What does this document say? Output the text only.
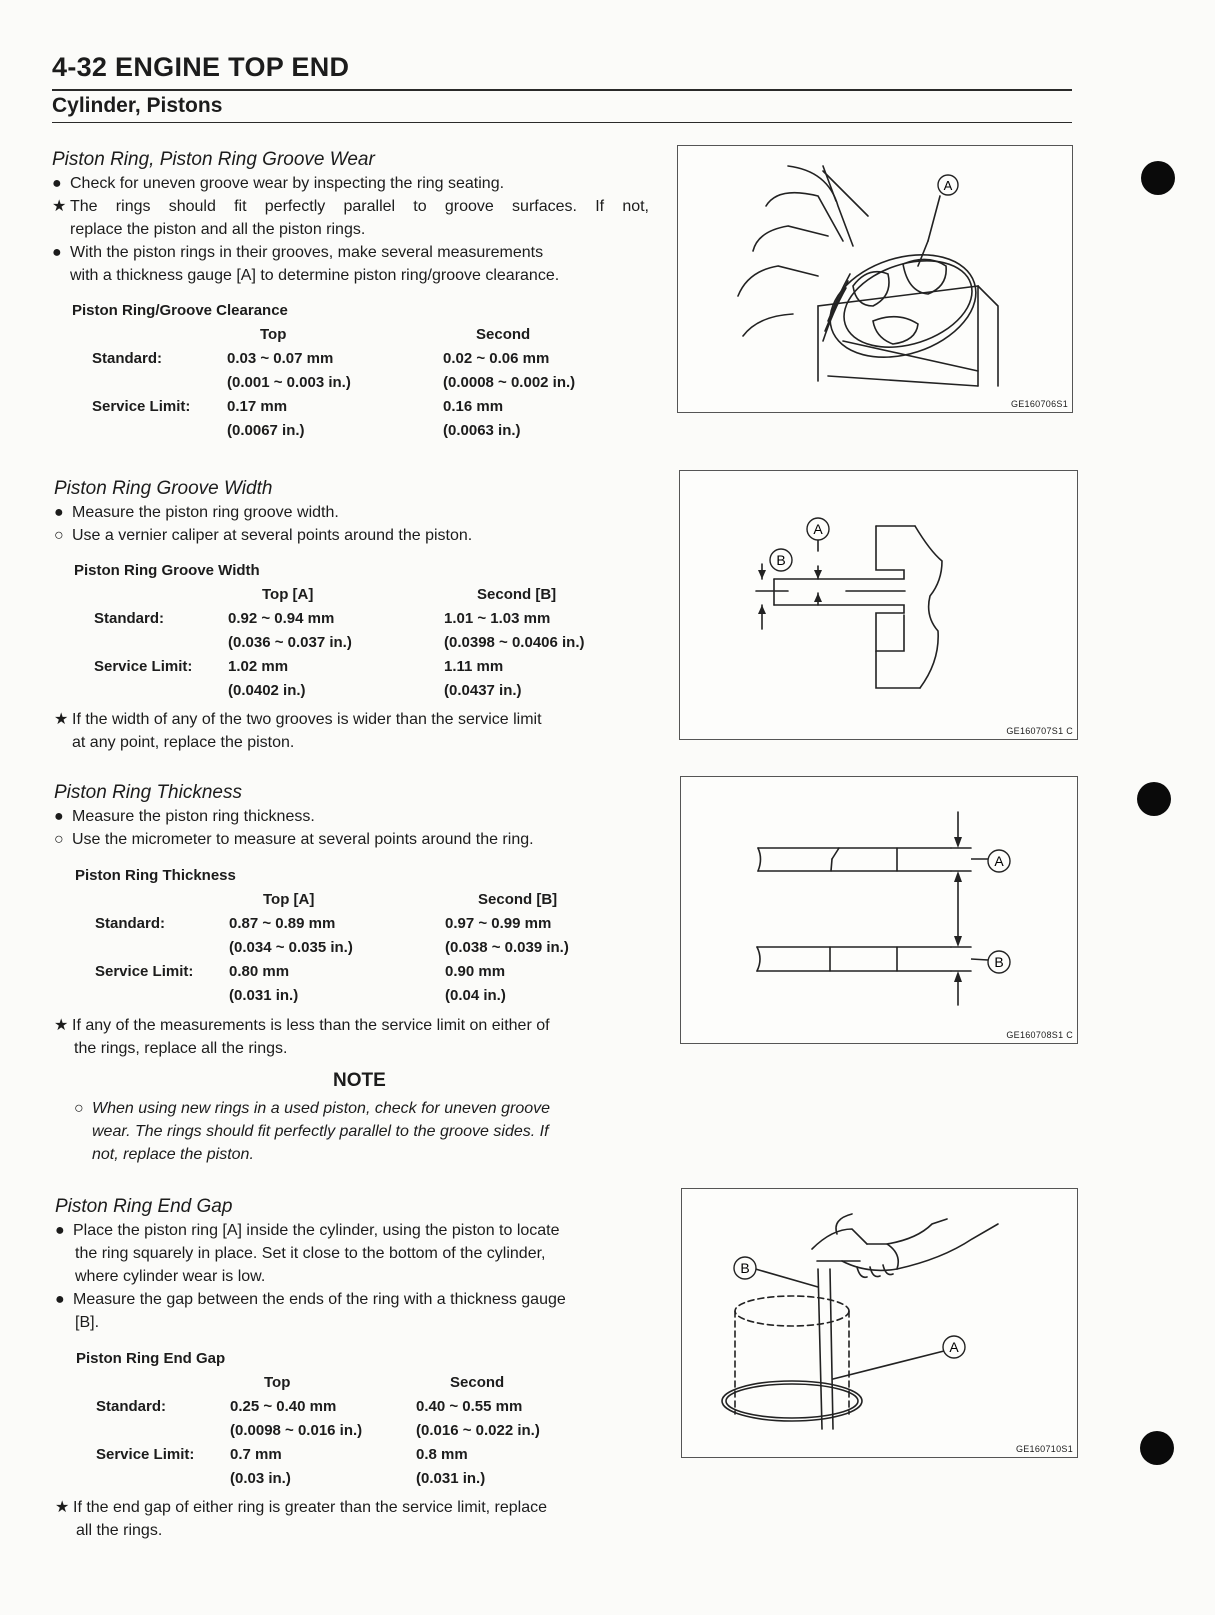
4-32 ENGINE TOP END
Cylinder, Pistons
Piston Ring, Piston Ring Groove Wear
● Check for uneven groove wear by inspecting the ring seating.
★ The rings should fit perfectly parallel to groove surfaces. If not,
replace the piston and all the piston rings.
● With the piston rings in their grooves, make several measurements
with a thickness gauge [A] to determine piston ring/groove clearance.
Piston Ring/Groove Clearance
Top	Second
Standard:	0.03 ~ 0.07 mm	0.02 ~ 0.06 mm
(0.001 ~ 0.003 in.)	(0.0008 ~ 0.002 in.)
Service Limit: 0.17 mm	0.16 mm
(0.0067 in.)	(0.0063 in.)
Piston Ring Groove Width
● Measure the piston ring groove width.
○ Use a vernier caliper at several points around the piston.
Piston Ring Groove Width
Top [A]	Second [B]
Standard:	0.92 ~ 0.94 mm	1.01 ~ 1.03 mm
(0.036 ~ 0.037 in.)	(0.0398 ~ 0.0406 in.)
Service Limit: 1.02 mm	1.11 mm
(0.0402 in.)	(0.0437 in.)
★ If the width of any of the two grooves is wider than the service limit
at any point, replace the piston.
Piston Ring Thickness
● Measure the piston ring thickness.
○ Use the micrometer to measure at several points around the ring.
Piston Ring Thickness
Top [A]	Second [B]
Standard:	0.87 ~ 0.89 mm	0.97 ~ 0.99 mm
(0.034 ~ 0.035 in.)	(0.038 ~ 0.039 in.)
Service Limit: 0.80 mm	0.90 mm
(0.031 in.)	(0.04 in.)
★ If any of the measurements is less than the service limit on either of
the rings, replace all the rings.
NOTE
○ When using new rings in a used piston, check for uneven groove
wear. The rings should fit perfectly parallel to the groove sides. If
not, replace the piston.
Piston Ring End Gap
● Place the piston ring [A] inside the cylinder, using the piston to locate
the ring squarely in place. Set it close to the bottom of the cylinder,
where cylinder wear is low.
● Measure the gap between the ends of the ring with a thickness gauge
[B].
Piston Ring End Gap
Top	Second
Standard:	0.25 ~ 0.40 mm	0.40 ~ 0.55 mm
(0.0098 ~ 0.016 in.)	(0.016 ~ 0.022 in.)
Service Limit: 0.7 mm	0.8 mm
(0.03 in.)	(0.031 in.)
★ If the end gap of either ring is greater than the service limit, replace
all the rings.
A
GE160706S1
A
B
GE160707S1 C
A
B
GE160708S1 C
B
A
GE160710S1
